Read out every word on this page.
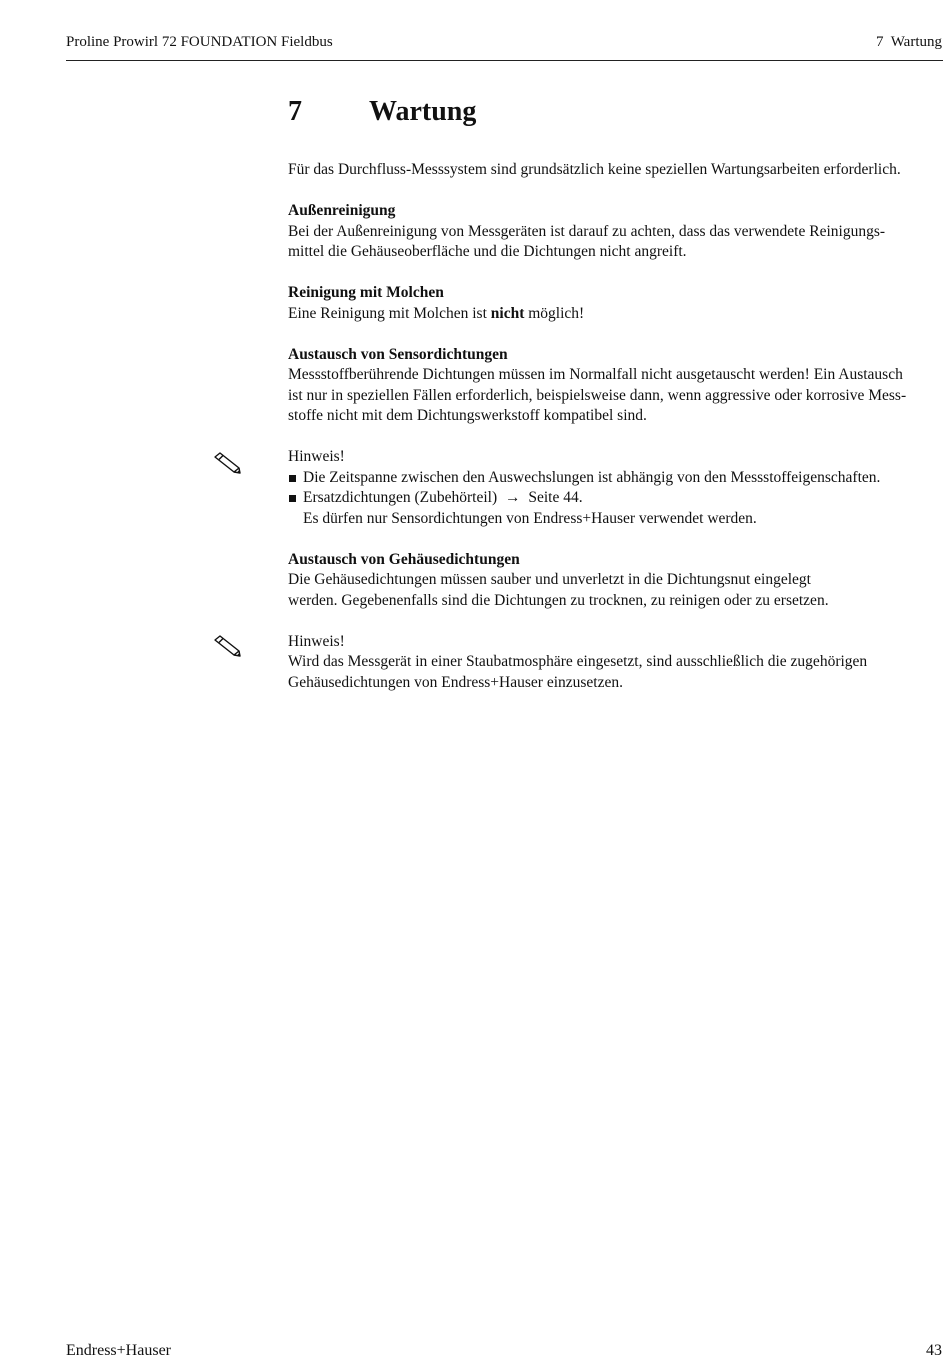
Proline Prowirl 72 FOUNDATION Fieldbus	7  Wartung
7 Wartung

Für das Durchfluss-Messsystem sind grundsätzlich keine speziellen Wartungsarbeiten erforderlich.

Außenreinigung

Bei der Außenreinigung von Messgeräten ist darauf zu achten, dass das verwendete Reinigungs-

mittel die Gehäuseoberfläche und die Dichtungen nicht angreift.

Reinigung mit Molchen

Eine Reinigung mit Molchen ist nicht möglich!

Austausch von Sensordichtungen

Messstoffberührende Dichtungen müssen im Normalfall nicht ausgetauscht werden! Ein Austausch

ist nur in speziellen Fällen erforderlich, beispielsweise dann, wenn aggressive oder korrosive Mess-

stoffe nicht mit dem Dichtungswerkstoff kompatibel sind.

Hinweis!

Die Zeitspanne zwischen den Auswechslungen ist abhängig von den Messstoffeigenschaften.
Ersatzdichtungen (Zubehörteil) → Seite 44.
Es dürfen nur Sensordichtungen von Endress+Hauser verwendet werden.

Austausch von Gehäusedichtungen

Die Gehäusedichtungen müssen sauber und unverletzt in die Dichtungsnut eingelegt

werden. Gegebenenfalls sind die Dichtungen zu trocknen, zu reinigen oder zu ersetzen.

Hinweis!

Wird das Messgerät in einer Staubatmosphäre eingesetzt, sind ausschließlich die zugehörigen

Gehäusedichtungen von Endress+Hauser einzusetzen.

Endress+Hauser	43
